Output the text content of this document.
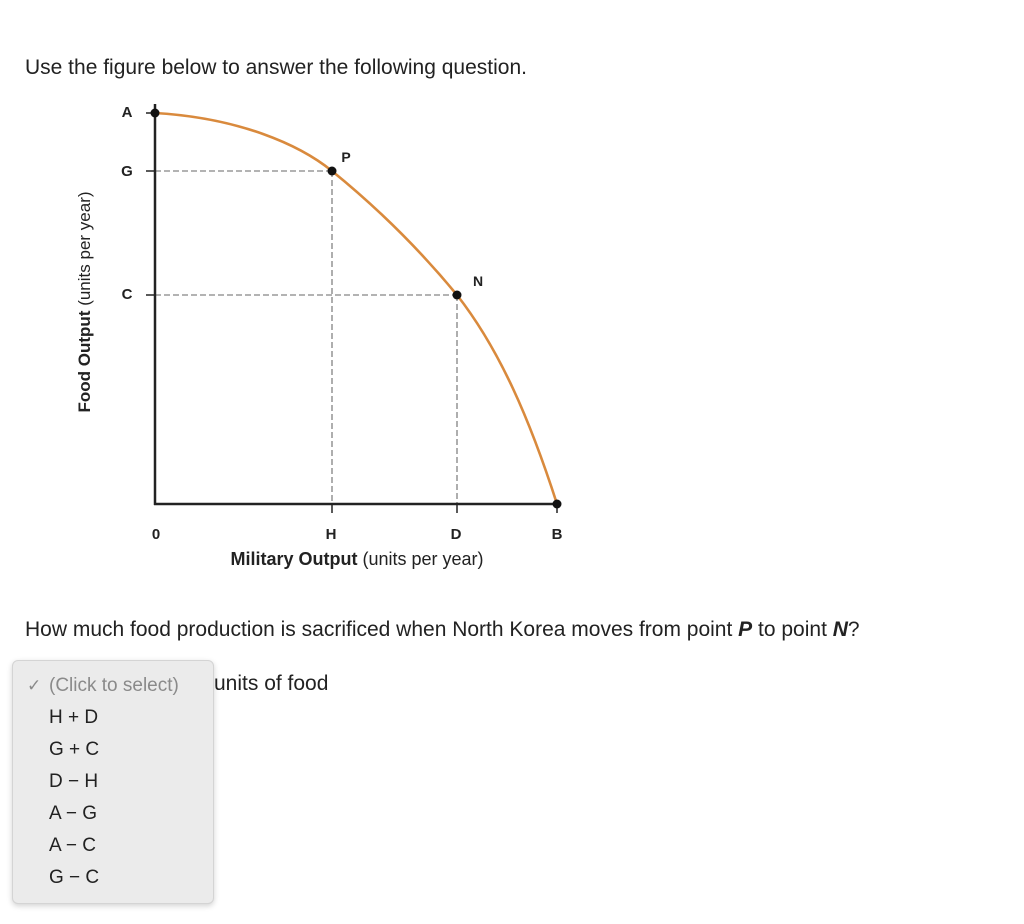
Use the figure below to answer the following question.
A
G
C
0	H	D	B
P
N
Military Output (units per year)
Food Output (units per year)
How much food production is sacrificed when North Korea moves from point P to point N?
units of food
✓ (Click to select)
H + D
G + C
D − H
A − G
A − C
G − C
